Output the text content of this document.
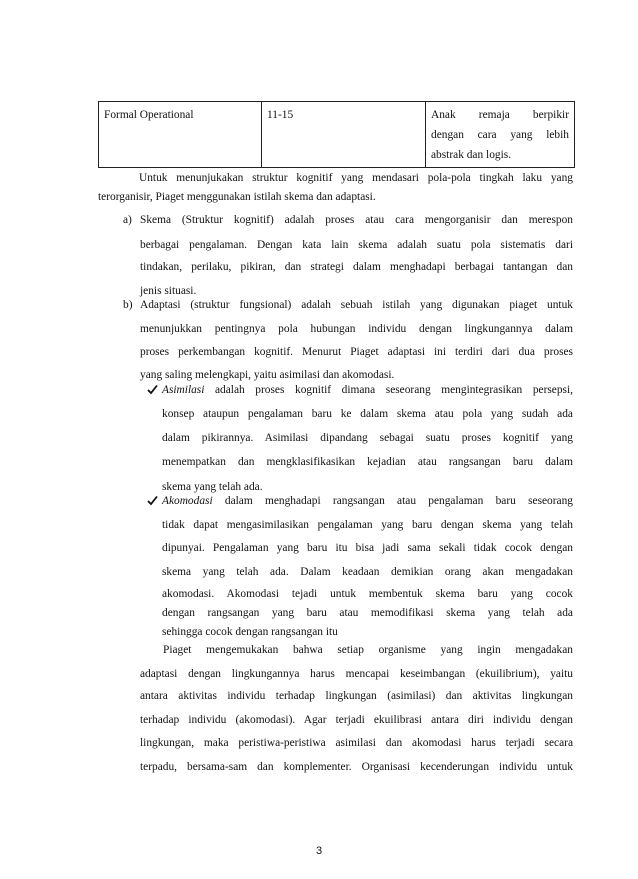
Formal Operational	11-15	Anak remaja berpikir
dengan cara yang lebih
abstrak dan logis.
Untuk menunjukakan struktur kognitif yang mendasari pola-pola tingkah laku yang
terorganisir, Piaget menggunakan istilah skema dan adaptasi.
a) Skema (Struktur kognitif) adalah proses atau cara mengorganisir dan merespon
berbagai pengalaman. Dengan kata lain skema adalah suatu pola sistematis dari
tindakan, perilaku, pikiran, dan strategi dalam menghadapi berbagai tantangan dan
jenis situasi.
b) Adaptasi (struktur fungsional) adalah sebuah istilah yang digunakan piaget untuk
menunjukkan pentingnya pola hubungan individu dengan lingkungannya dalam
proses perkembangan kognitif. Menurut Piaget adaptasi ini terdiri dari dua proses
yang saling melengkapi, yaitu asimilasi dan akomodasi.
Asimilasi adalah proses kognitif dimana seseorang mengintegrasikan persepsi,
konsep ataupun pengalaman baru ke dalam skema atau pola yang sudah ada
dalam pikirannya. Asimilasi dipandang sebagai suatu proses kognitif yang
menempatkan dan mengklasifikasikan kejadian atau rangsangan baru dalam
skema yang telah ada.
Akomodasi dalam menghadapi rangsangan atau pengalaman baru seseorang
tidak dapat mengasimilasikan pengalaman yang baru dengan skema yang telah
dipunyai. Pengalaman yang baru itu bisa jadi sama sekali tidak cocok dengan
skema yang telah ada. Dalam keadaan demikian orang akan mengadakan
akomodasi. Akomodasi tejadi untuk membentuk skema baru yang cocok
dengan rangsangan yang baru atau memodifikasi skema yang telah ada
sehingga cocok dengan rangsangan itu
Piaget mengemukakan bahwa setiap organisme yang ingin mengadakan
adaptasi dengan lingkungannya harus mencapai keseimbangan (ekuilibrium), yaitu
antara aktivitas individu terhadap lingkungan (asimilasi) dan aktivitas lingkungan
terhadap individu (akomodasi). Agar terjadi ekuilibrasi antara diri individu dengan
lingkungan, maka peristiwa-peristiwa asimilasi dan akomodasi harus terjadi secara
terpadu, bersama-sam dan komplementer. Organisasi kecenderungan individu untuk
3
